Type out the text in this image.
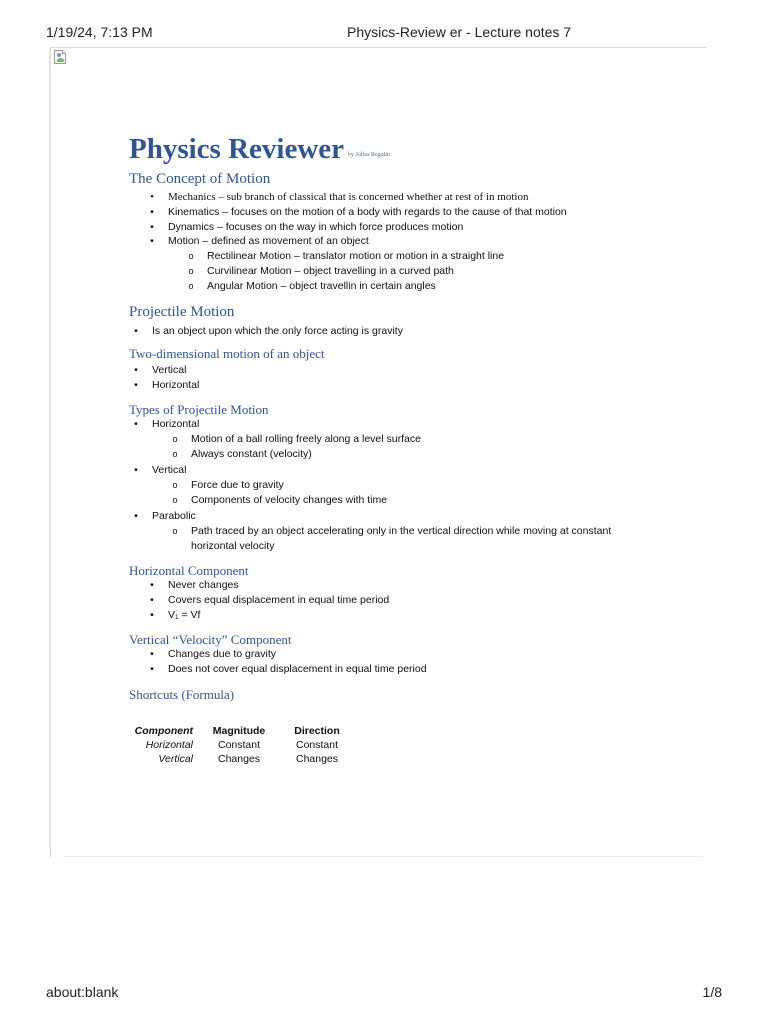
1/19/24, 7:13 PM	Physics-Review er - Lecture notes 7
Physics Reviewer by Julius Reguim
The Concept of Motion
• Mechanics – sub branch of classical that is concerned whether at rest of in motion
•	Kinematics – focuses on the motion of a body with regards to the cause of that motion
•	Dynamics – focuses on the way in which force produces motion
•	Motion – defined as movement of an object
o Rectilinear Motion – translator motion or motion in a straight line
o Curvilinear Motion – object travelling in a curved path
o Angular Motion – object travellin in certain angles
Projectile Motion
•	Is an object upon which the only force acting is gravity
Two-dimensional motion of an object
•	Vertical
•	Horizontal
Types of Projectile Motion
•	Horizontal
o Motion of a ball rolling freely along a level surface
o Always constant (velocity)
•	Vertical
o Force due to gravity
o Components of velocity changes with time
•	Parabolic
o Path traced by an object accelerating only in the vertical direction while moving at constant
horizontal velocity
Horizontal Component
•	Never changes
•	Covers equal displacement in equal time period
•	V₁ = Vf
Vertical “Velocity” Component
•	Changes due to gravity
•	Does not cover equal displacement in equal time period
Shortcuts (Formula)
Component	Magnitude	Direction
Horizontal	Constant	Constant
Vertical	Changes	Changes
about:blank	1/8
